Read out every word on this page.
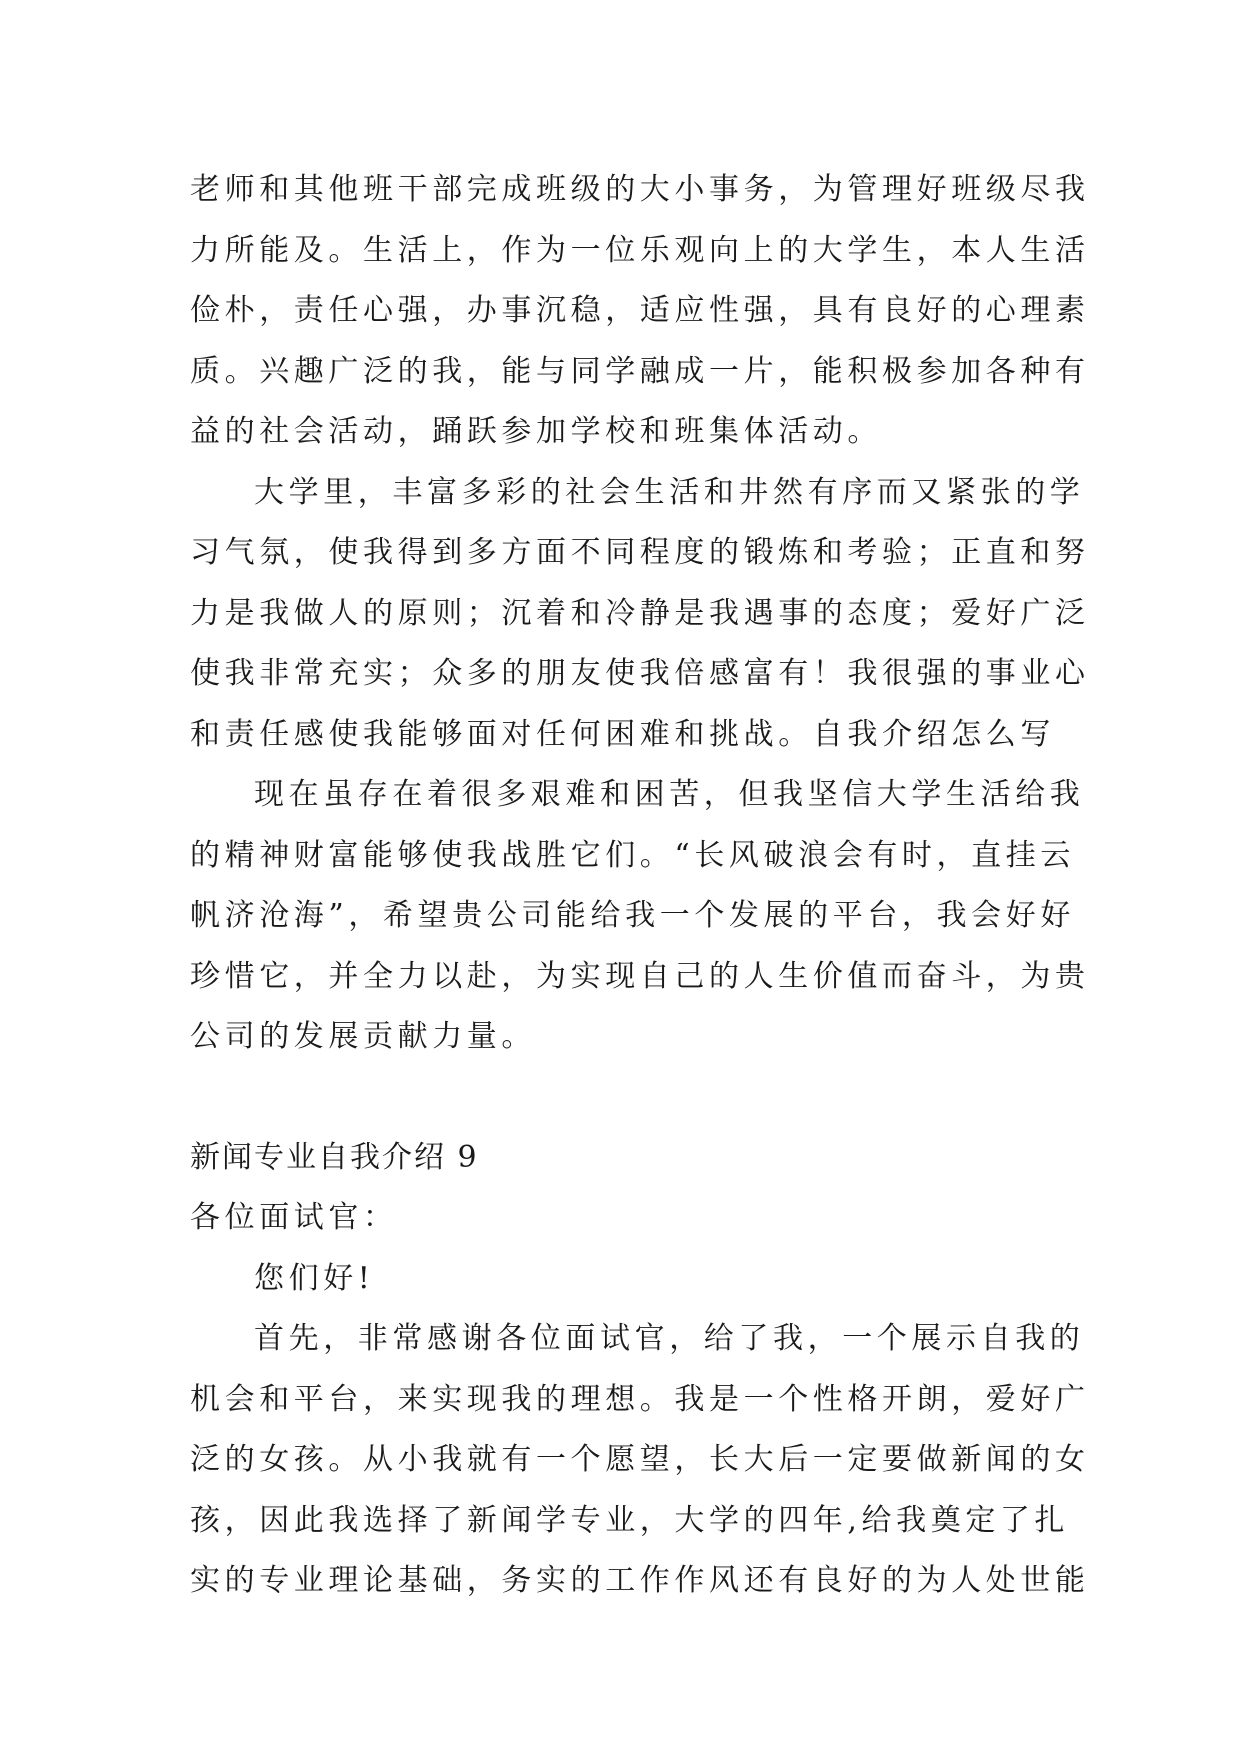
老师和其他班干部完成班级的大小事务，为管理好班级尽我
力所能及。生活上，作为一位乐观向上的大学生，本人生活
俭朴，责任心强，办事沉稳，适应性强，具有良好的心理素
质。兴趣广泛的我，能与同学融成一片，能积极参加各种有
益的社会活动，踊跃参加学校和班集体活动。

大学里，丰富多彩的社会生活和井然有序而又紧张的学
习气氛，使我得到多方面不同程度的锻炼和考验；正直和努
力是我做人的原则；沉着和冷静是我遇事的态度；爱好广泛
使我非常充实；众多的朋友使我倍感富有！我很强的事业心
和责任感使我能够面对任何困难和挑战。自我介绍怎么写

现在虽存在着很多艰难和困苦，但我坚信大学生活给我
的精神财富能够使我战胜它们。“长风破浪会有时，直挂云
帆济沧海”，希望贵公司能给我一个发展的平台，我会好好
珍惜它，并全力以赴，为实现自己的人生价值而奋斗，为贵
公司的发展贡献力量。

新闻专业自我介绍 9

各位面试官：

您们好!

首先，非常感谢各位面试官，给了我，一个展示自我的
机会和平台，来实现我的理想。我是一个性格开朗，爱好广
泛的女孩。从小我就有一个愿望，长大后一定要做新闻的女
孩，因此我选择了新闻学专业，大学的四年,给我奠定了扎
实的专业理论基础，务实的工作作风还有良好的为人处世能
